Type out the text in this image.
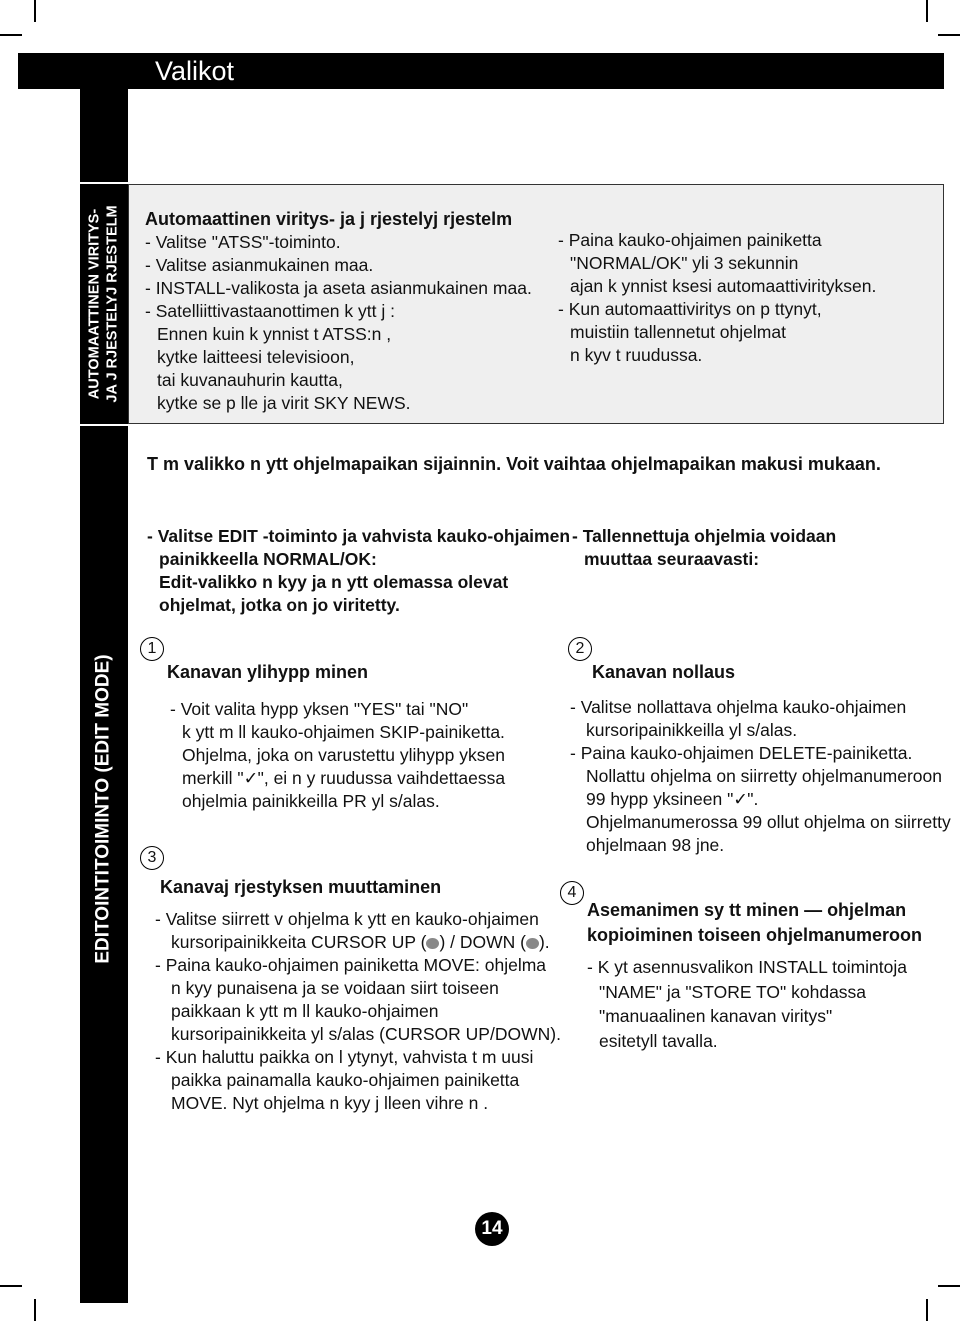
Valikot
AUTOMAATTINEN VIRITYS- JA J RJESTELYJ RJESTELM
EDITOINTITOIMINTO (EDIT MODE)
Automaattinen viritys- ja j rjestelyj rjestelm
- Valitse "ATSS"-toiminto.
- Valitse asianmukainen maa.
- INSTALL-valikosta ja aseta asianmukainen maa.
- Satelliittivastaanottimen k ytt j :
Ennen kuin k ynnist t ATSS:n ,
kytke laitteesi televisioon,
tai kuvanauhurin kautta,
kytke se p lle ja virit SKY NEWS.
- Paina kauko-ohjaimen painiketta
"NORMAL/OK" yli 3 sekunnin
ajan k ynnist ksesi automaattivirityksen.
- Kun automaattiviritys on p ttynyt,
muistiin tallennetut ohjelmat
n kyv t ruudussa.
T m valikko n ytt ohjelmapaikan sijainnin. Voit vaihtaa ohjelmapaikan makusi mukaan.
- Valitse EDIT -toiminto ja vahvista kauko-ohjaimen
painikkeella NORMAL/OK:
Edit-valikko n kyy ja n ytt olemassa olevat
ohjelmat, jotka on jo viritetty.
- Tallennettuja ohjelmia voidaan
muuttaa seuraavasti:
1
Kanavan ylihypp minen
- Voit valita hypp yksen "YES" tai "NO"
k ytt m ll kauko-ohjaimen SKIP-painiketta.
Ohjelma, joka on varustettu ylihypp yksen
merkill "✓", ei n y ruudussa vaihdettaessa
ohjelmia painikkeilla PR yl s/alas.
2
Kanavan nollaus
- Valitse nollattava ohjelma kauko-ohjaimen
kursoripainikkeilla yl s/alas.
- Paina kauko-ohjaimen DELETE-painiketta.
Nollattu ohjelma on siirretty ohjelmanumeroon
99 hypp yksineen "✓".
Ohjelmanumerossa 99 ollut ohjelma on siirretty
ohjelmaan 98 jne.
3
Kanavaj rjestyksen muuttaminen
- Valitse siirrett v ohjelma k ytt en kauko-ohjaimen
kursoripainikkeita CURSOR UP ( ) / DOWN ( ).
- Paina kauko-ohjaimen painiketta MOVE: ohjelma
n kyy punaisena ja se voidaan siirt toiseen
paikkaan k ytt m ll kauko-ohjaimen
kursoripainikkeita yl s/alas (CURSOR UP/DOWN).
- Kun haluttu paikka on l ytynyt, vahvista t m uusi
paikka painamalla kauko-ohjaimen painiketta
MOVE. Nyt ohjelma n kyy j lleen vihre n .
4
Asemanimen sy tt minen — ohjelman
kopioiminen toiseen ohjelmanumeroon
- K yt asennusvalikon INSTALL toimintoja
"NAME" ja "STORE TO" kohdassa
"manuaalinen kanavan viritys"
esitetyll tavalla.
14
